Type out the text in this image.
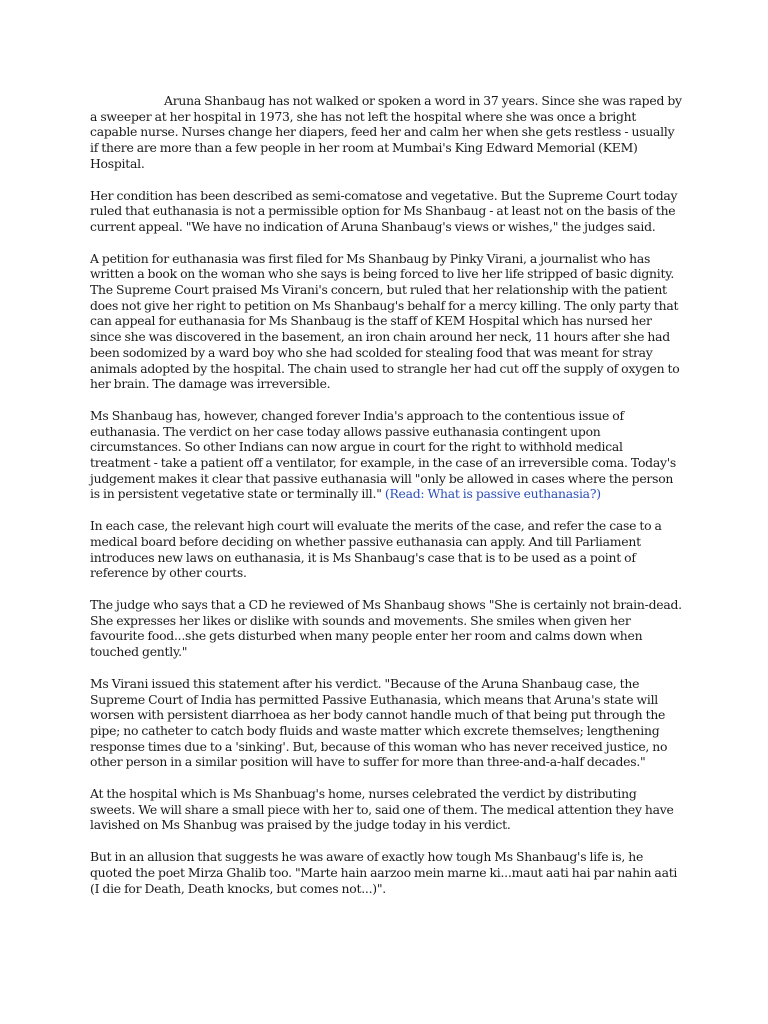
Aruna Shanbaug has not walked or spoken a word in 37 years. Since she was raped by a sweeper at her hospital in 1973, she has not left the hospital where she was once a bright capable nurse. Nurses change her diapers, feed her and calm her when she gets restless - usually if there are more than a few people in her room at Mumbai's King Edward Memorial (KEM) Hospital.

Her condition has been described as semi-comatose and vegetative. But the Supreme Court today ruled that euthanasia is not a permissible option for Ms Shanbaug - at least not on the basis of the current appeal. "We have no indication of Aruna Shanbaug's views or wishes," the judges said.

A petition for euthanasia was first filed for Ms Shanbaug by Pinky Virani, a journalist who has written a book on the woman who she says is being forced to live her life stripped of basic dignity. The Supreme Court praised Ms Virani's concern, but ruled that her relationship with the patient does not give her right to petition on Ms Shanbaug's behalf for a mercy killing. The only party that can appeal for euthanasia for Ms Shanbaug is the staff of KEM Hospital which has nursed her since she was discovered in the basement, an iron chain around her neck, 11 hours after she had been sodomized by a ward boy who she had scolded for stealing food that was meant for stray animals adopted by the hospital. The chain used to strangle her had cut off the supply of oxygen to her brain. The damage was irreversible.

Ms Shanbaug has, however, changed forever India's approach to the contentious issue of euthanasia. The verdict on her case today allows passive euthanasia contingent upon circumstances. So other Indians can now argue in court for the right to withhold medical treatment - take a patient off a ventilator, for example, in the case of an irreversible coma. Today's judgement makes it clear that passive euthanasia will "only be allowed in cases where the person is in persistent vegetative state or terminally ill." (Read: What is passive euthanasia?)

In each case, the relevant high court will evaluate the merits of the case, and refer the case to a medical board before deciding on whether passive euthanasia can apply. And till Parliament introduces new laws on euthanasia, it is Ms Shanbaug's case that is to be used as a point of reference by other courts.

The judge who says that a CD he reviewed of Ms Shanbaug shows "She is certainly not brain-dead. She expresses her likes or dislike with sounds and movements. She smiles when given her favourite food...she gets disturbed when many people enter her room and calms down when touched gently."

Ms Virani issued this statement after his verdict. "Because of the Aruna Shanbaug case, the Supreme Court of India has permitted Passive Euthanasia, which means that Aruna's state will worsen with persistent diarrhoea as her body cannot handle much of that being put through the pipe; no catheter to catch body fluids and waste matter which excrete themselves; lengthening response times due to a 'sinking'. But, because of this woman who has never received justice, no other person in a similar position will have to suffer for more than three-and-a-half decades."

At the hospital which is Ms Shanbuag's home, nurses celebrated the verdict by distributing sweets. We will share a small piece with her to, said one of them. The medical attention they have lavished on Ms Shanbug was praised by the judge today in his verdict.

But in an allusion that suggests he was aware of exactly how tough Ms Shanbaug's life is, he quoted the poet Mirza Ghalib too. "Marte hain aarzoo mein marne ki...maut aati hai par nahin aati (I die for Death, Death knocks, but comes not...)".
